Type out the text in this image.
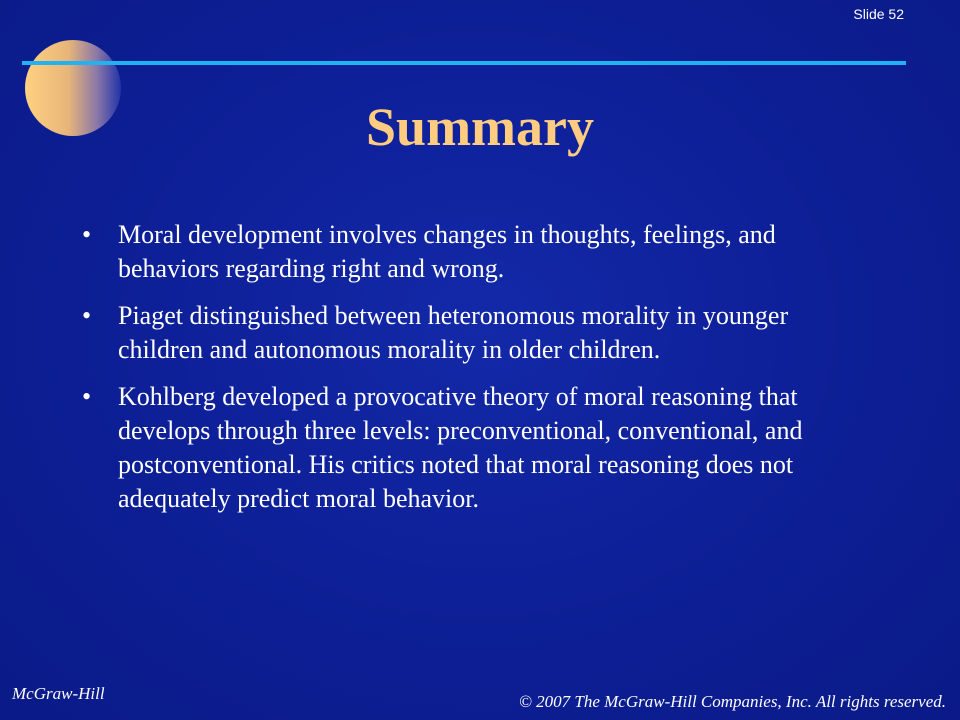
Slide 52
Summary
• Moral development involves changes in thoughts, feelings, and behaviors regarding right and wrong.
• Piaget distinguished between heteronomous morality in younger children and autonomous morality in older children.
• Kohlberg developed a provocative theory of moral reasoning that develops through three levels: preconventional, conventional, and postconventional. His critics noted that moral reasoning does not adequately predict moral behavior.
McGraw-Hill	© 2007 The McGraw-Hill Companies, Inc. All rights reserved.
